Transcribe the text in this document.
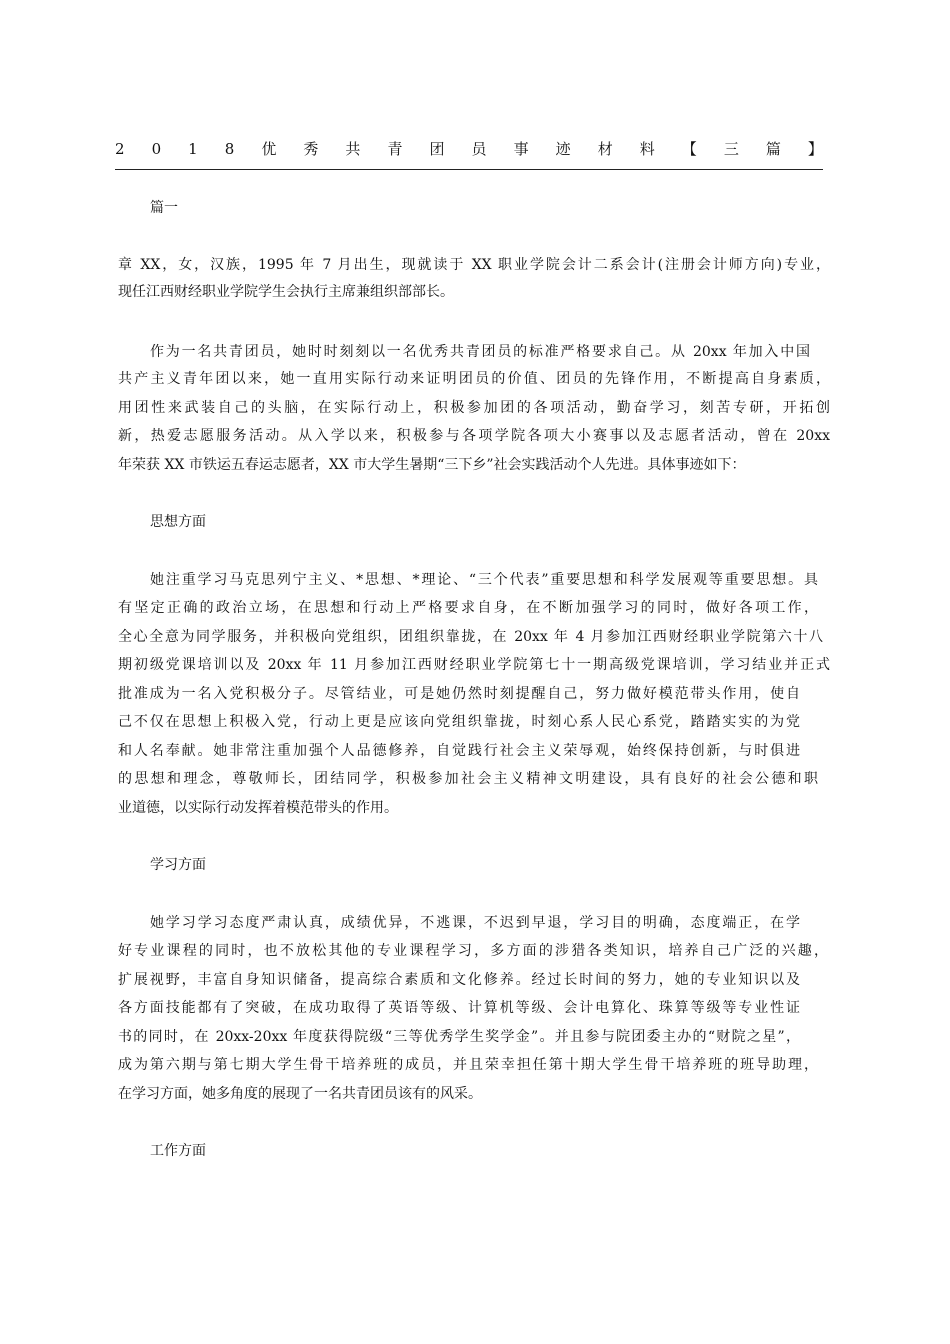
2 0 1 8 优 秀 共 青 团 员 事 迹 材 料 【 三 篇 】

篇一

章 XX，女，汉族，1995 年 7 月出生，现就读于 XX 职业学院会计二系会计(注册会计师方向)专业，

现任江西财经职业学院学生会执行主席兼组织部部长。

作为一名共青团员，她时时刻刻以一名优秀共青团员的标准严格要求自己。从 20xx 年加入中国

共产主义青年团以来，她一直用实际行动来证明团员的价值、团员的先锋作用，不断提高自身素质，

用团性来武装自己的头脑，在实际行动上，积极参加团的各项活动，勤奋学习，刻苦专研，开拓创

新，热爱志愿服务活动。从入学以来，积极参与各项学院各项大小赛事以及志愿者活动，曾在 20xx

年荣获 XX 市铁运五春运志愿者，XX 市大学生暑期“三下乡”社会实践活动个人先进。具体事迹如下：

思想方面

她注重学习马克思列宁主义、*思想、*理论、“三个代表”重要思想和科学发展观等重要思想。具

有坚定正确的政治立场，在思想和行动上严格要求自身，在不断加强学习的同时，做好各项工作，

全心全意为同学服务，并积极向党组织，团组织靠拢，在 20xx 年 4 月参加江西财经职业学院第六十八

期初级党课培训以及 20xx 年 11 月参加江西财经职业学院第七十一期高级党课培训，学习结业并正式

批准成为一名入党积极分子。尽管结业，可是她仍然时刻提醒自己，努力做好模范带头作用，使自

己不仅在思想上积极入党，行动上更是应该向党组织靠拢，时刻心系人民心系党，踏踏实实的为党

和人名奉献。她非常注重加强个人品德修养，自觉践行社会主义荣辱观，始终保持创新，与时俱进

的思想和理念，尊敬师长，团结同学，积极参加社会主义精神文明建设，具有良好的社会公德和职

业道德，以实际行动发挥着模范带头的作用。

学习方面

她学习学习态度严肃认真，成绩优异，不逃课，不迟到早退，学习目的明确，态度端正，在学

好专业课程的同时，也不放松其他的专业课程学习，多方面的涉猎各类知识，培养自己广泛的兴趣，

扩展视野，丰富自身知识储备，提高综合素质和文化修养。经过长时间的努力，她的专业知识以及

各方面技能都有了突破，在成功取得了英语等级、计算机等级、会计电算化、珠算等级等专业性证

书的同时，在 20xx-20xx 年度获得院级“三等优秀学生奖学金”。并且参与院团委主办的“财院之星”，

成为第六期与第七期大学生骨干培养班的成员，并且荣幸担任第十期大学生骨干培养班的班导助理，

在学习方面，她多角度的展现了一名共青团员该有的风采。

工作方面
